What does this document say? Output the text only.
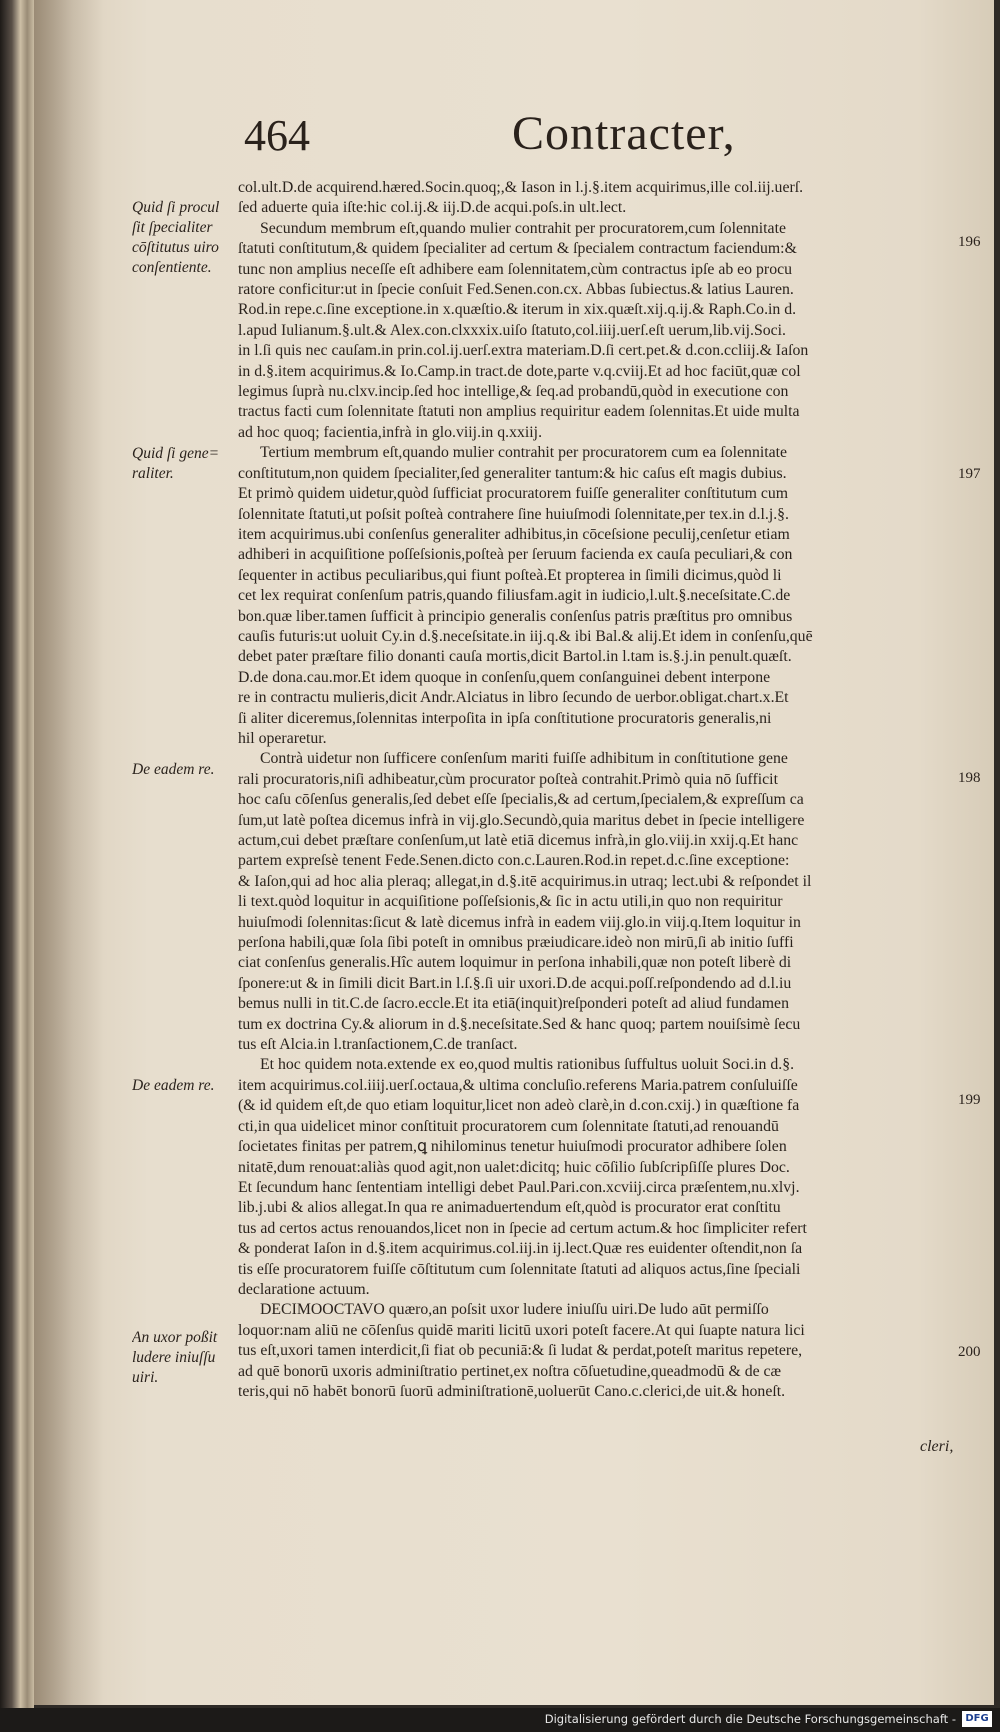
464	Contracter,
Quid ſi procul
ſit ſpecialiter
cōſtitutus uiro
conſentiente.
Quid ſi gene=
raliter.
De eadem re.
De eadem re.
An uxor poßit
ludere iniuſſu
uiri.
196
197
198
199
200
col.ult.D.de acquirend.hæred.Socin.quoq;,& Iason in l.j.§.item acquirimus,ille col.iij.uerſ.
ſed aduerte quia iſte:hic col.ij.& iij.D.de acqui.poſs.in ult.lect.
Secundum membrum eſt,quando mulier contrahit per procuratorem,cum ſolennitate
ſtatuti conſtitutum,& quidem ſpecialiter ad certum & ſpecialem contractum faciendum:&
tunc non amplius neceſſe eſt adhibere eam ſolennitatem,cùm contractus ipſe ab eo procu
ratore conficitur:ut in ſpecie conſuit Fed.Senen.con.cx. Abbas ſubiectus.& latius Lauren.
Rod.in repe.c.ſine exceptione.in x.quæſtio.& iterum in xix.quæſt.xij.q.ij.& Raph.Co.in d.
l.apud Iulianum.§.ult.& Alex.con.clxxxix.uiſo ſtatuto,col.iiij.uerſ.eſt uerum,lib.vij.Soci.
in l.ſi quis nec cauſam.in prin.col.ij.uerſ.extra materiam.D.ſi cert.pet.& d.con.ccliij.& Iaſon
in d.§.item acquirimus.& Io.Camp.in tract.de dote,parte v.q.cviij.Et ad hoc faciūt,quæ col
legimus ſuprà nu.clxv.incip.ſed hoc intellige,& ſeq.ad probandū,quòd in executione con
tractus facti cum ſolennitate ſtatuti non amplius requiritur eadem ſolennitas.Et uide multa
ad hoc quoq; facientia,infrà in glo.viij.in q.xxiij.
Tertium membrum eſt,quando mulier contrahit per procuratorem cum ea ſolennitate
conſtitutum,non quidem ſpecialiter,ſed generaliter tantum:& hic caſus eſt magis dubius.
Et primò quidem uidetur,quòd ſufficiat procuratorem fuiſſe generaliter conſtitutum cum
ſolennitate ſtatuti,ut poſsit poſteà contrahere ſine huiuſmodi ſolennitate,per tex.in d.l.j.§.
item acquirimus.ubi conſenſus generaliter adhibitus,in cōceſsione peculij,cenſetur etiam
adhiberi in acquiſitione poſſeſsionis,poſteà per ſeruum facienda ex cauſa peculiari,& con
ſequenter in actibus peculiaribus,qui fiunt poſteà.Et propterea in ſimili dicimus,quòd li
cet lex requirat conſenſum patris,quando filiusfam.agit in iudicio,l.ult.§.neceſsitate.C.de
bon.quæ liber.tamen ſufficit à principio generalis conſenſus patris præſtitus pro omnibus
cauſis futuris:ut uoluit Cy.in d.§.neceſsitate.in iij.q.& ibi Bal.& alij.Et idem in conſenſu,quē
debet pater præſtare filio donanti cauſa mortis,dicit Bartol.in l.tam is.§.j.in penult.quæſt.
D.de dona.cau.mor.Et idem quoque in conſenſu,quem conſanguinei debent interpone
re in contractu mulieris,dicit Andr.Alciatus in libro ſecundo de uerbor.obligat.chart.x.Et
ſi aliter diceremus,ſolennitas interpoſita in ipſa conſtitutione procuratoris generalis,ni
hil operaretur.
Contrà uidetur non ſufficere conſenſum mariti fuiſſe adhibitum in conſtitutione gene
rali procuratoris,niſi adhibeatur,cùm procurator poſteà contrahit.Primò quia nō ſufficit
hoc caſu cōſenſus generalis,ſed debet eſſe ſpecialis,& ad certum,ſpecialem,& expreſſum ca
ſum,ut latè poſtea dicemus infrà in vij.glo.Secundò,quia maritus debet in ſpecie intelligere
actum,cui debet præſtare conſenſum,ut latè etiā dicemus infrà,in glo.viij.in xxij.q.Et hanc
partem expreſsè tenent Fede.Senen.dicto con.c.Lauren.Rod.in repet.d.c.ſine exceptione:
& Iaſon,qui ad hoc alia pleraq; allegat,in d.§.itē acquirimus.in utraq; lect.ubi & reſpondet il
li text.quòd loquitur in acquiſitione poſſeſsionis,& ſic in actu utili,in quo non requiritur
huiuſmodi ſolennitas:ſicut & latè dicemus infrà in eadem viij.glo.in viij.q.Item loquitur in
perſona habili,quæ ſola ſibi poteſt in omnibus præiudicare.ideò non mirū,ſi ab initio ſuffi
ciat conſenſus generalis.Hîc autem loquimur in perſona inhabili,quæ non poteſt liberè di
ſponere:ut & in ſimili dicit Bart.in l.ſ.§.ſi uir uxori.D.de acqui.poſſ.reſpondendo ad d.l.iu
bemus nulli in tit.C.de ſacro.eccle.Et ita etiā(inquit)reſponderi poteſt ad aliud fundamen
tum ex doctrina Cy.& aliorum in d.§.neceſsitate.Sed & hanc quoq; partem nouiſsimè ſecu
tus eſt Alcia.in l.tranſactionem,C.de tranſact.
Et hoc quidem nota.extende ex eo,quod multis rationibus ſuffultus uoluit Soci.in d.§.
item acquirimus.col.iiij.uerſ.octaua,& ultima concluſio.referens Maria.patrem conſuluiſſe
(& id quidem eſt,de quo etiam loquitur,licet non adeò clarè,in d.con.cxij.) in quæſtione fa
cti,in qua uidelicet minor conſtituit procuratorem cum ſolennitate ſtatuti,ad renouandū
ſocietates finitas per patrem,ꝗ nihilominus tenetur huiuſmodi procurator adhibere ſolen
nitatē,dum renouat:aliàs quod agit,non ualet:dicitq; huic cōſilio ſubſcripſiſſe plures Doc.
Et ſecundum hanc ſententiam intelligi debet Paul.Pari.con.xcviij.circa præſentem,nu.xlvj.
lib.j.ubi & alios allegat.In qua re animaduertendum eſt,quòd is procurator erat conſtitu
tus ad certos actus renouandos,licet non in ſpecie ad certum actum.& hoc ſimpliciter refert
& ponderat Iaſon in d.§.item acquirimus.col.iij.in ij.lect.Quæ res euidenter oſtendit,non ſa
tis eſſe procuratorem fuiſſe cōſtitutum cum ſolennitate ſtatuti ad aliquos actus,ſine ſpeciali
declaratione actuum.
DECIMOOCTAVO quæro,an poſsit uxor ludere iniuſſu uiri.De ludo aūt permiſſo
loquor:nam aliū ne cōſenſus quidē mariti licitū uxori poteſt facere.At qui ſuapte natura lici
tus eſt,uxori tamen interdicit,ſi fiat ob pecuniā:& ſi ludat & perdat,poteſt maritus repetere,
ad quē bonorū uxoris adminiſtratio pertinet,ex noſtra cōſuetudine,queadmodū & de cæ
teris,qui nō habēt bonorū ſuorū adminiſtrationē,uoluerūt Cano.c.clerici,de uit.& honeſt.
cleri,
Digitalisierung gefördert durch die Deutsche Forschungsgemeinschaft - DFG
